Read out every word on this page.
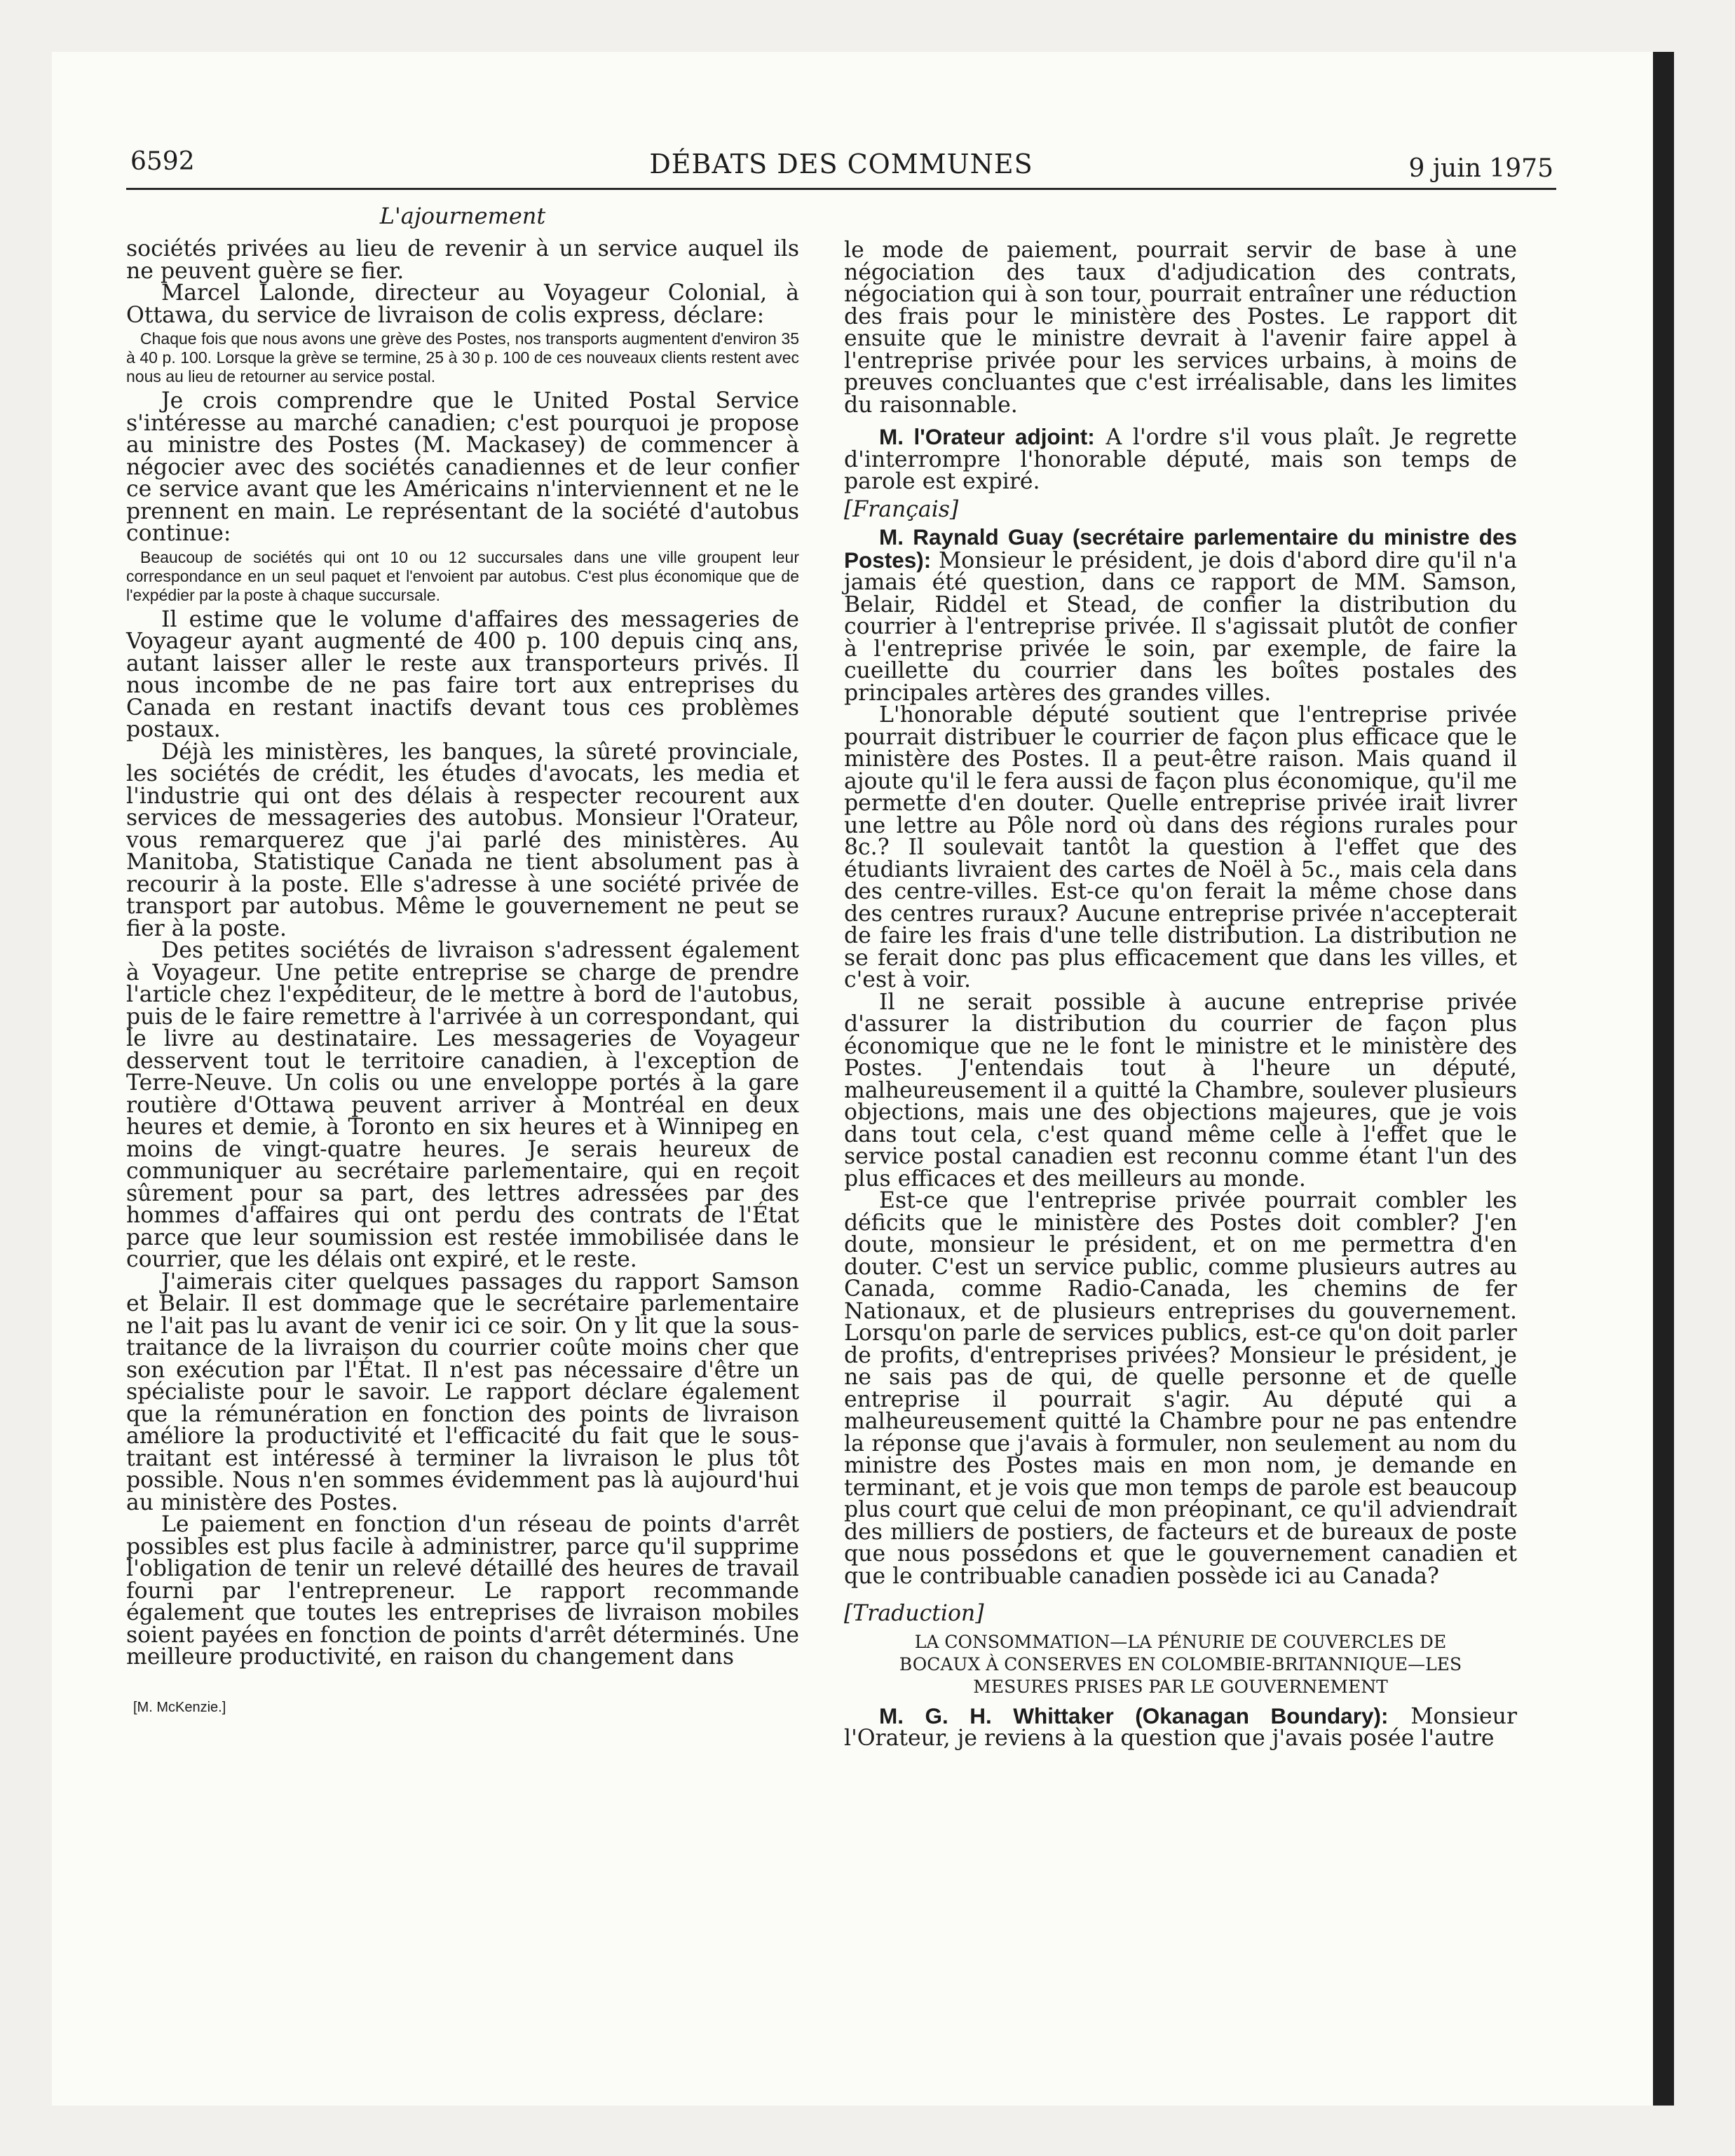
6592	DÉBATS DES COMMUNES	9 juin 1975

L'ajournement

sociétés privées au lieu de revenir à un service auquel ils ne peuvent guère se fier.

Marcel Lalonde, directeur au Voyageur Colonial, à Ottawa, du service de livraison de colis express, déclare:

Chaque fois que nous avons une grève des Postes, nos transports augmentent d'environ 35 à 40 p. 100. Lorsque la grève se termine, 25 à 30 p. 100 de ces nouveaux clients restent avec nous au lieu de retourner au service postal.

Je crois comprendre que le United Postal Service s'intéresse au marché canadien; c'est pourquoi je propose au ministre des Postes (M. Mackasey) de commencer à négocier avec des sociétés canadiennes et de leur confier ce service avant que les Américains n'interviennent et ne le prennent en main. Le représentant de la société d'autobus continue:

Beaucoup de sociétés qui ont 10 ou 12 succursales dans une ville groupent leur correspondance en un seul paquet et l'envoient par autobus. C'est plus économique que de l'expédier par la poste à chaque succursale.

Il estime que le volume d'affaires des messageries de Voyageur ayant augmenté de 400 p. 100 depuis cinq ans, autant laisser aller le reste aux transporteurs privés. Il nous incombe de ne pas faire tort aux entreprises du Canada en restant inactifs devant tous ces problèmes postaux.

Déjà les ministères, les banques, la sûreté provinciale, les sociétés de crédit, les études d'avocats, les media et l'industrie qui ont des délais à respecter recourent aux services de messageries des autobus. Monsieur l'Orateur, vous remarquerez que j'ai parlé des ministères. Au Manitoba, Statistique Canada ne tient absolument pas à recourir à la poste. Elle s'adresse à une société privée de transport par autobus. Même le gouvernement ne peut se fier à la poste.

Des petites sociétés de livraison s'adressent également à Voyageur. Une petite entreprise se charge de prendre l'article chez l'expéditeur, de le mettre à bord de l'autobus, puis de le faire remettre à l'arrivée à un correspondant, qui le livre au destinataire. Les messageries de Voyageur desservent tout le territoire canadien, à l'exception de Terre-Neuve. Un colis ou une enveloppe portés à la gare routière d'Ottawa peuvent arriver à Montréal en deux heures et demie, à Toronto en six heures et à Winnipeg en moins de vingt-quatre heures. Je serais heureux de communiquer au secrétaire parlementaire, qui en reçoit sûrement pour sa part, des lettres adressées par des hommes d'affaires qui ont perdu des contrats de l'État parce que leur soumission est restée immobilisée dans le courrier, que les délais ont expiré, et le reste.

J'aimerais citer quelques passages du rapport Samson et Belair. Il est dommage que le secrétaire parlementaire ne l'ait pas lu avant de venir ici ce soir. On y lit que la sous-traitance de la livraison du courrier coûte moins cher que son exécution par l'État. Il n'est pas nécessaire d'être un spécialiste pour le savoir. Le rapport déclare également que la rémunération en fonction des points de livraison améliore la productivité et l'efficacité du fait que le sous-traitant est intéressé à terminer la livraison le plus tôt possible. Nous n'en sommes évidemment pas là aujourd'hui au ministère des Postes.

Le paiement en fonction d'un réseau de points d'arrêt possibles est plus facile à administrer, parce qu'il supprime l'obligation de tenir un relevé détaillé des heures de travail fourni par l'entrepreneur. Le rapport recommande également que toutes les entreprises de livraison mobiles soient payées en fonction de points d'arrêt déterminés. Une meilleure productivité, en raison du changement dans

[M. McKenzie.]

le mode de paiement, pourrait servir de base à une négociation des taux d'adjudication des contrats, négociation qui à son tour, pourrait entraîner une réduction des frais pour le ministère des Postes. Le rapport dit ensuite que le ministre devrait à l'avenir faire appel à l'entreprise privée pour les services urbains, à moins de preuves concluantes que c'est irréalisable, dans les limites du raisonnable.

M. l'Orateur adjoint: A l'ordre s'il vous plaît. Je regrette d'interrompre l'honorable député, mais son temps de parole est expiré.

[Français]

M. Raynald Guay (secrétaire parlementaire du ministre des Postes): Monsieur le président, je dois d'abord dire qu'il n'a jamais été question, dans ce rapport de MM. Samson, Belair, Riddel et Stead, de confier la distribution du courrier à l'entreprise privée. Il s'agissait plutôt de confier à l'entreprise privée le soin, par exemple, de faire la cueillette du courrier dans les boîtes postales des principales artères des grandes villes.

L'honorable député soutient que l'entreprise privée pourrait distribuer le courrier de façon plus efficace que le ministère des Postes. Il a peut-être raison. Mais quand il ajoute qu'il le fera aussi de façon plus économique, qu'il me permette d'en douter. Quelle entreprise privée irait livrer une lettre au Pôle nord où dans des régions rurales pour 8c.? Il soulevait tantôt la question à l'effet que des étudiants livraient des cartes de Noël à 5c., mais cela dans des centre-villes. Est-ce qu'on ferait la même chose dans des centres ruraux? Aucune entreprise privée n'accepterait de faire les frais d'une telle distribution. La distribution ne se ferait donc pas plus efficacement que dans les villes, et c'est à voir.

Il ne serait possible à aucune entreprise privée d'assurer la distribution du courrier de façon plus économique que ne le font le ministre et le ministère des Postes. J'entendais tout à l'heure un député, malheureusement il a quitté la Chambre, soulever plusieurs objections, mais une des objections majeures, que je vois dans tout cela, c'est quand même celle à l'effet que le service postal canadien est reconnu comme étant l'un des plus efficaces et des meilleurs au monde.

Est-ce que l'entreprise privée pourrait combler les déficits que le ministère des Postes doit combler? J'en doute, monsieur le président, et on me permettra d'en douter. C'est un service public, comme plusieurs autres au Canada, comme Radio-Canada, les chemins de fer Nationaux, et de plusieurs entreprises du gouvernement. Lorsqu'on parle de services publics, est-ce qu'on doit parler de profits, d'entreprises privées? Monsieur le président, je ne sais pas de qui, de quelle personne et de quelle entreprise il pourrait s'agir. Au député qui a malheureusement quitté la Chambre pour ne pas entendre la réponse que j'avais à formuler, non seulement au nom du ministre des Postes mais en mon nom, je demande en terminant, et je vois que mon temps de parole est beaucoup plus court que celui de mon préopinant, ce qu'il adviendrait des milliers de postiers, de facteurs et de bureaux de poste que nous possédons et que le gouvernement canadien et que le contribuable canadien possède ici au Canada?

[Traduction]

LA CONSOMMATION—LA PÉNURIE DE COUVERCLES DE BOCAUX À CONSERVES EN COLOMBIE-BRITANNIQUE—LES MESURES PRISES PAR LE GOUVERNEMENT

M. G. H. Whittaker (Okanagan Boundary): Monsieur l'Orateur, je reviens à la question que j'avais posée l'autre
